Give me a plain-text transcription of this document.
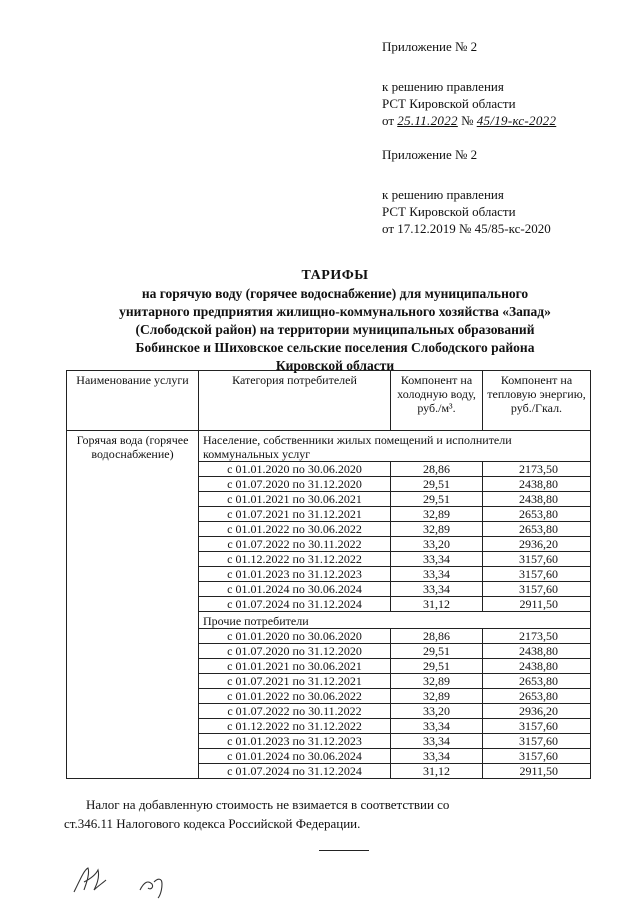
Приложение № 2
к решению правления
РСТ Кировской области
от 25.11.2022 № 45/19-кс-2022
Приложение № 2
к решению правления
РСТ Кировской области
от 17.12.2019 № 45/85-кс-2020
ТАРИФЫ
на горячую воду (горячее водоснабжение) для муниципального
унитарного предприятия жилищно-коммунального хозяйства «Запад»
(Слободской район) на территории муниципальных образований
Бобинское и Шиховское сельские поселения Слободского района
Кировской области
Наименование услуги	Категория потребителей	Компонент на холодную воду, руб./м³.	Компонент на тепловую энергию, руб./Гкал.
Горячая вода (горячее водоснабжение)	Население, собственники жилых помещений и исполнители коммунальных услуг		
	с 01.01.2020 по 30.06.2020	28,86	2173,50
	с 01.07.2020 по 31.12.2020	29,51	2438,80
	с 01.01.2021 по 30.06.2021	29,51	2438,80
	с 01.07.2021 по 31.12.2021	32,89	2653,80
	с 01.01.2022 по 30.06.2022	32,89	2653,80
	с 01.07.2022 по 30.11.2022	33,20	2936,20
	с 01.12.2022 по 31.12.2022	33,34	3157,60
	с 01.01.2023 по 31.12.2023	33,34	3157,60
	с 01.01.2024 по 30.06.2024	33,34	3157,60
	с 01.07.2024 по 31.12.2024	31,12	2911,50
	Прочие потребители		
	с 01.01.2020 по 30.06.2020	28,86	2173,50
	с 01.07.2020 по 31.12.2020	29,51	2438,80
	с 01.01.2021 по 30.06.2021	29,51	2438,80
	с 01.07.2021 по 31.12.2021	32,89	2653,80
	с 01.01.2022 по 30.06.2022	32,89	2653,80
	с 01.07.2022 по 30.11.2022	33,20	2936,20
	с 01.12.2022 по 31.12.2022	33,34	3157,60
	с 01.01.2023 по 31.12.2023	33,34	3157,60
	с 01.01.2024 по 30.06.2024	33,34	3157,60
	с 01.07.2024 по 31.12.2024	31,12	2911,50
Налог на добавленную стоимость не взимается в соответствии со
ст.346.11 Налогового кодекса Российской Федерации.
